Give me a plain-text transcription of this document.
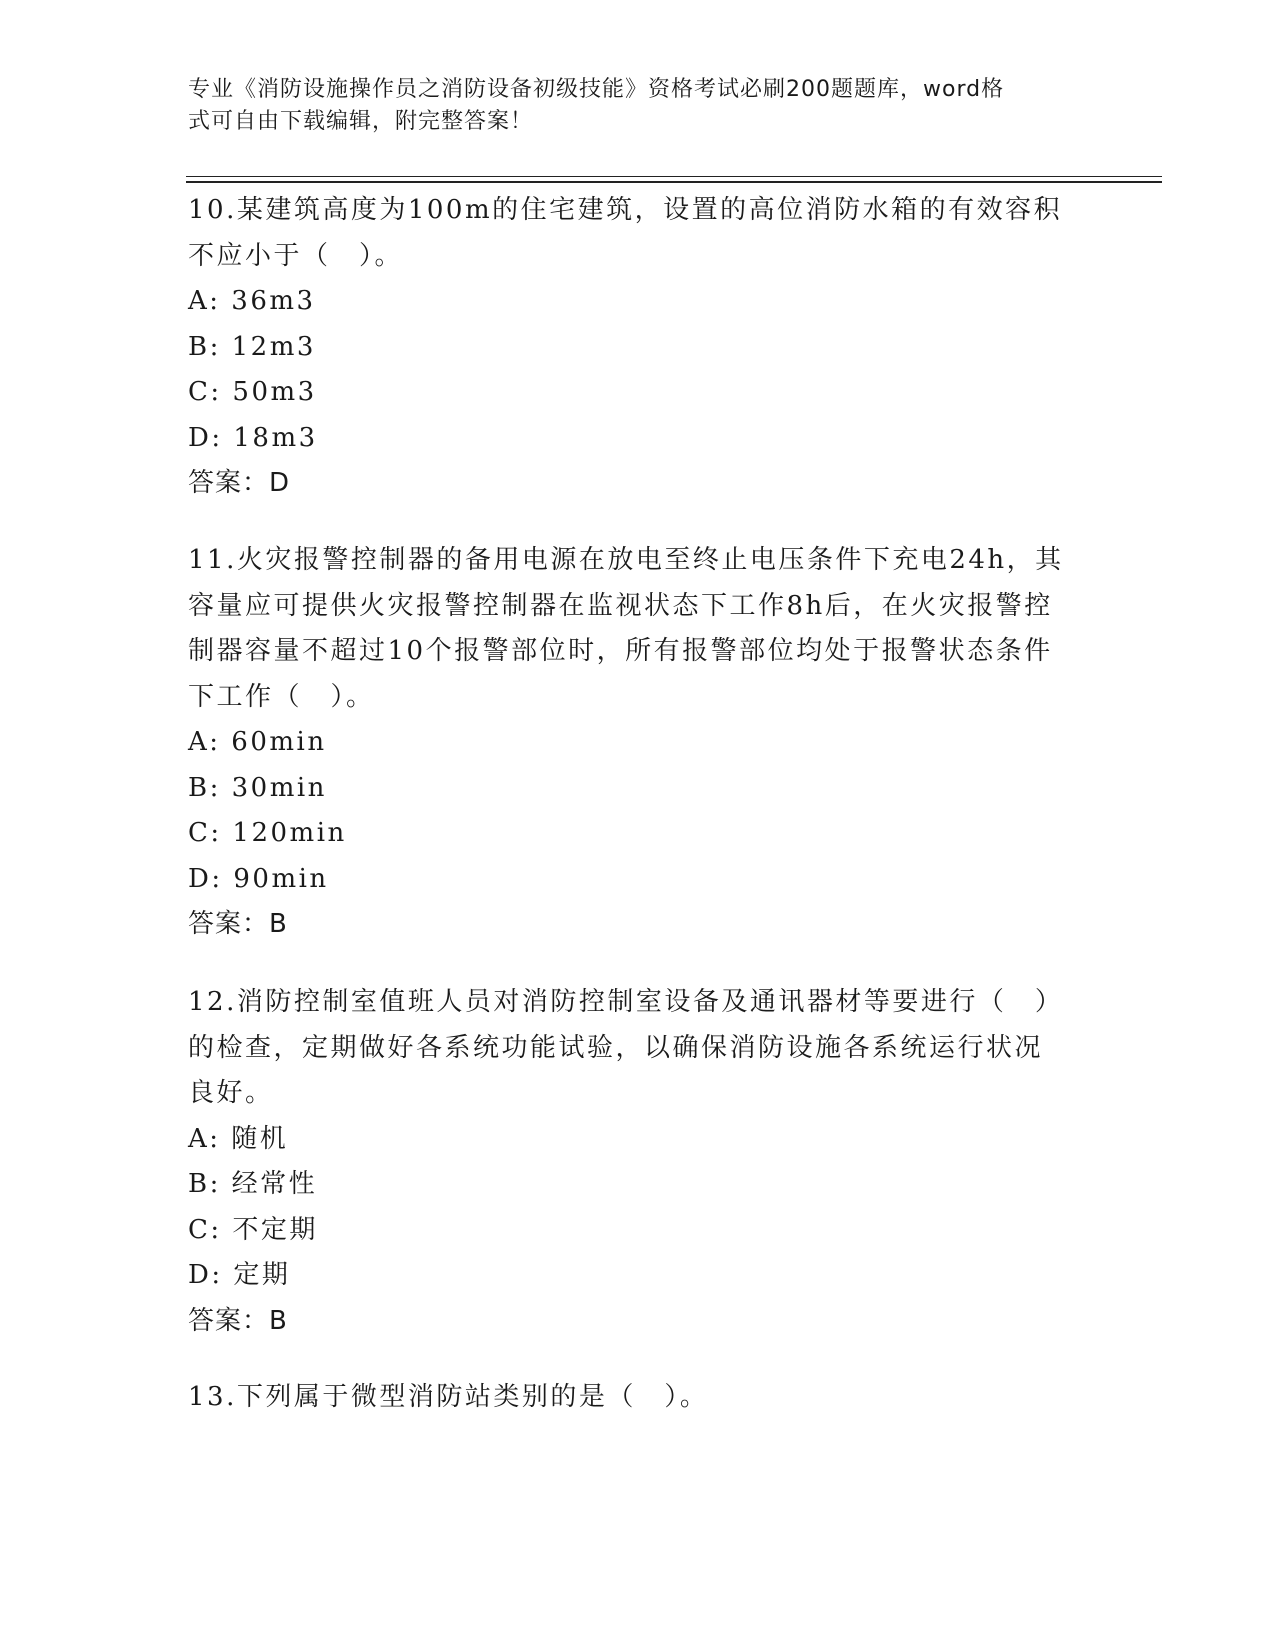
专业《消防设施操作员之消防设备初级技能》资格考试必刷200题题库，word格
式可自由下载编辑，附完整答案！

10.某建筑高度为100m的住宅建筑，设置的高位消防水箱的有效容积

不应小于（　）。

A: 36m3

B: 12m3

C: 50m3

D: 18m3

答案：D

11.火灾报警控制器的备用电源在放电至终止电压条件下充电24h，其

容量应可提供火灾报警控制器在监视状态下工作8h后，在火灾报警控

制器容量不超过10个报警部位时，所有报警部位均处于报警状态条件

下工作（　）。

A: 60min

B: 30min

C: 120min

D: 90min

答案：B

12.消防控制室值班人员对消防控制室设备及通讯器材等要进行（　）

的检查，定期做好各系统功能试验，以确保消防设施各系统运行状况

良好。

A: 随机

B: 经常性

C: 不定期

D: 定期

答案：B

13.下列属于微型消防站类别的是（　）。
